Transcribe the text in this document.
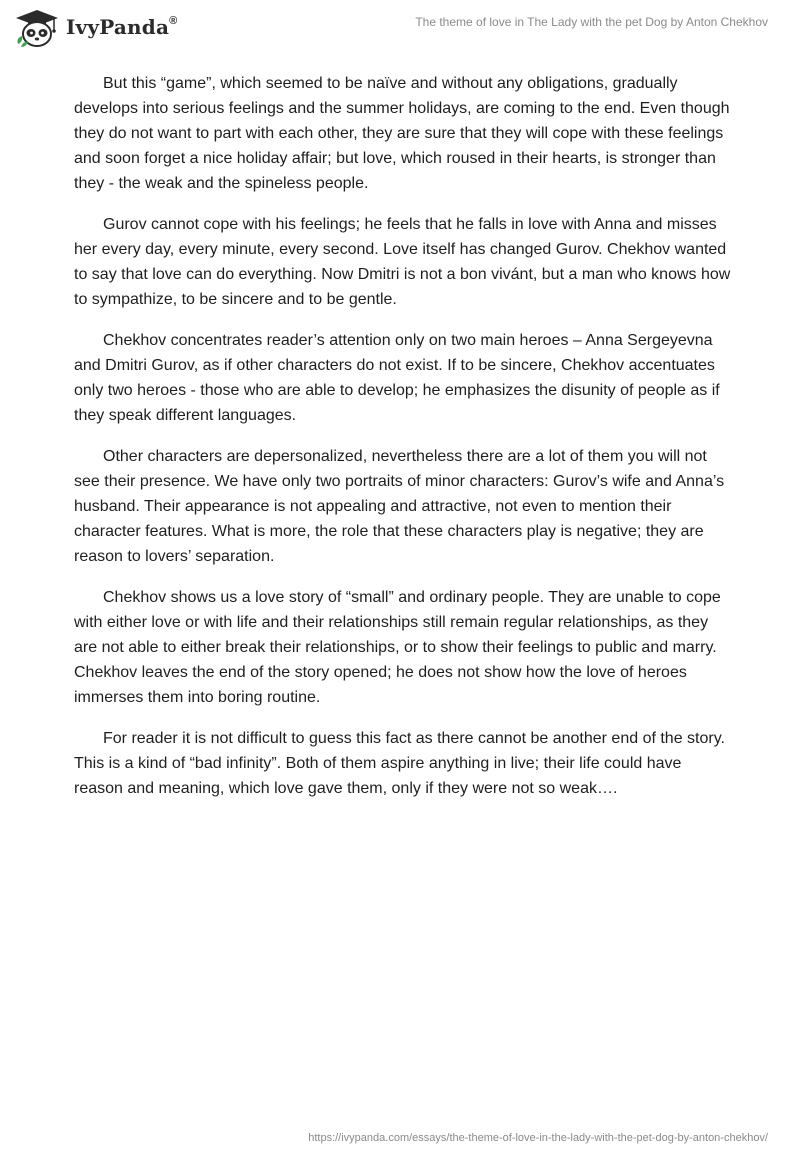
IvyPanda®	The theme of love in The Lady with the pet Dog by Anton Chekhov

But this “game”, which seemed to be naïve and without any obligations, gradually develops into serious feelings and the summer holidays, are coming to the end. Even though they do not want to part with each other, they are sure that they will cope with these feelings and soon forget a nice holiday affair; but love, which roused in their hearts, is stronger than they - the weak and the spineless people.

Gurov cannot cope with his feelings; he feels that he falls in love with Anna and misses her every day, every minute, every second. Love itself has changed Gurov. Chekhov wanted to say that love can do everything. Now Dmitri is not a bon vivánt, but a man who knows how to sympathize, to be sincere and to be gentle.

Chekhov concentrates reader’s attention only on two main heroes – Anna Sergeyevna and Dmitri Gurov, as if other characters do not exist. If to be sincere, Chekhov accentuates only two heroes - those who are able to develop; he emphasizes the disunity of people as if they speak different languages.

Other characters are depersonalized, nevertheless there are a lot of them you will not see their presence. We have only two portraits of minor characters: Gurov’s wife and Anna’s husband. Their appearance is not appealing and attractive, not even to mention their character features. What is more, the role that these characters play is negative; they are reason to lovers’ separation.

Chekhov shows us a love story of “small” and ordinary people. They are unable to cope with either love or with life and their relationships still remain regular relationships, as they are not able to either break their relationships, or to show their feelings to public and marry. Chekhov leaves the end of the story opened; he does not show how the love of heroes immerses them into boring routine.

For reader it is not difficult to guess this fact as there cannot be another end of the story. This is a kind of “bad infinity”. Both of them aspire anything in live; their life could have reason and meaning, which love gave them, only if they were not so weak….

https://ivypanda.com/essays/the-theme-of-love-in-the-lady-with-the-pet-dog-by-anton-chekhov/
